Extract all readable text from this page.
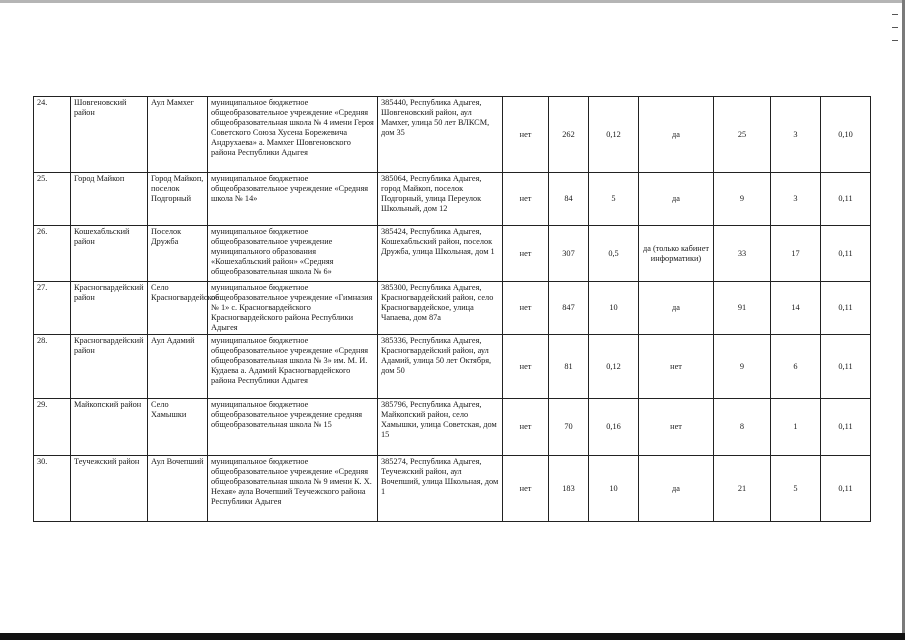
24.	Шовгеновский район	Аул Мамхег	муниципальное бюджетное общеобразовательное учреждение «Средняя общеобразовательная школа № 4 имени Героя Советского Союза Хусена Борежевича Андрухаева» а. Мамхег Шовгеновского района Республики Адыгея	385440, Республика Адыгея, Шовгеновский район, аул Мамхег, улица 50 лет ВЛКСМ, дом 35	нет	262	0,12	да	25	3	0,10
25.	Город Майкоп	Город Майкоп, поселок Подгорный	муниципальное бюджетное общеобразовательное учреждение «Средняя школа № 14»	385064, Республика Адыгея, город Майкоп, поселок Подгорный, улица Переулок Школьный, дом 12	нет	84	5	да	9	3	0,11
26.	Кошехабльский район	Поселок Дружба	муниципальное бюджетное общеобразовательное учреждение муниципального образования «Кошехабльский район» «Средняя общеобразовательная школа № 6»	385424, Республика Адыгея, Кошехабльский район, поселок Дружба, улица Школьная, дом 1	нет	307	0,5	да (только кабинет информатики)	33	17	0,11
27.	Красногвардейский район	Село Красногвардейское	муниципальное бюджетное общеобразовательное учреждение «Гимназия № 1» с. Красногвардейского Красногвардейского района Республики Адыгея	385300, Республика Адыгея, Красногвардейский район, село Красногвардейское, улица Чапаева, дом 87а	нет	847	10	да	91	14	0,11
28.	Красногвардейский район	Аул Адамий	муниципальное бюджетное общеобразовательное учреждение «Средняя общеобразовательная школа № 3» им. М. И. Кудаева а. Адамий Красногвардейского района Республики Адыгея	385336, Республика Адыгея, Красногвардейский район, аул Адамий, улица 50 лет Октября, дом 50	нет	81	0,12	нет	9	6	0,11
29.	Майкопский район	Село Хамышки	муниципальное бюджетное общеобразовательное учреждение средняя общеобразовательная школа № 15	385796, Республика Адыгея, Майкопский район, село Хамышки, улица Советская, дом 15	нет	70	0,16	нет	8	1	0,11
30.	Теучежский район	Аул Вочепший	муниципальное бюджетное общеобразовательное учреждение «Средняя общеобразовательная школа № 9 имени К. Х. Нехая» аула Вочепший Теучежского района Республики Адыгея	385274, Республика Адыгея, Теучежский район, аул Вочепший, улица Школьная, дом 1	нет	183	10	да	21	5	0,11
